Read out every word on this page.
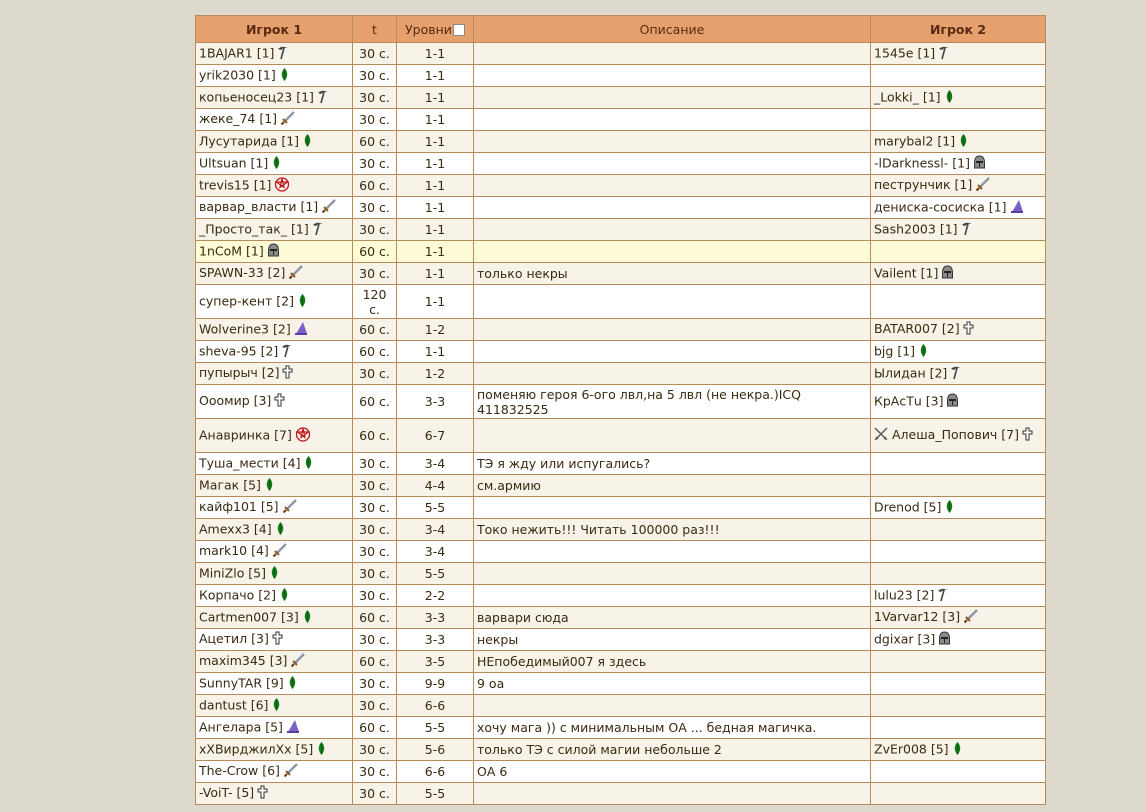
Игрок 1	t	Уровни	Описание	Игрок 2
1BAJAR1 [1]	30 с.	1-1		1545e [1]
yrik2030 [1]	30 с.	1-1		
копьеносец23 [1]	30 с.	1-1		_Lokki_ [1]
жеке_74 [1]	30 с.	1-1		
Лусутарида [1]	60 с.	1-1		marybal2 [1]
Ultsuan [1]	30 с.	1-1		-lDarknessl- [1]
trevis15 [1]	60 с.	1-1		пеструнчик [1]
варвар_власти [1]	30 с.	1-1		дениска-сосиска [1]
_Просто_так_ [1]	30 с.	1-1		Sash2003 [1]
1nCoM [1]	60 с.	1-1		
SPAWN-33 [2]	30 с.	1-1	только некры	Vailent [1]
супер-кент [2]	120 с.	1-1		
Wolverine3 [2]	60 с.	1-2		BATAR007 [2]
sheva-95 [2]	60 с.	1-1		bjg [1]
пупырыч [2]	30 с.	1-2		Ылидан [2]
Ооомир [3]	60 с.	3-3	поменяю героя 6-ого лвл,на 5 лвл (не некра.)ICQ 411832525	КрАсТu [3]
Анавринка [7]	60 с.	6-7		Алеша_Попович [7]
Туша_мести [4]	30 с.	3-4	ТЭ я жду или испугались?	
Магак [5]	30 с.	4-4	см.армию	
кайф101 [5]	30 с.	5-5		Drenod [5]
Amexx3 [4]	30 с.	3-4	Токо нежить!!! Читать 100000 раз!!!	
mark10 [4]	30 с.	3-4		
MiniZlo [5]	30 с.	5-5		
Корпачо [2]	30 с.	2-2		lulu23 [2]
Cartmen007 [3]	60 с.	3-3	варвари сюда	1Varvar12 [3]
Ацетил [3]	30 с.	3-3	некры	dgixar [3]
maxim345 [3]	60 с.	3-5	НЕпобедимый007 я здесь	
SunnyTAR [9]	30 с.	9-9	9 оа	
dantust [6]	30 с.	6-6		
Ангелара [5]	60 с.	5-5	хочу мага )) с минимальным ОА ... бедная магичка.	
хХВирджилХх [5]	30 с.	5-6	только ТЭ с силой магии небольше 2	ZvEr008 [5]
The-Crow [6]	30 с.	6-6	ОА 6	
-VoiT- [5]	30 с.	5-5		
